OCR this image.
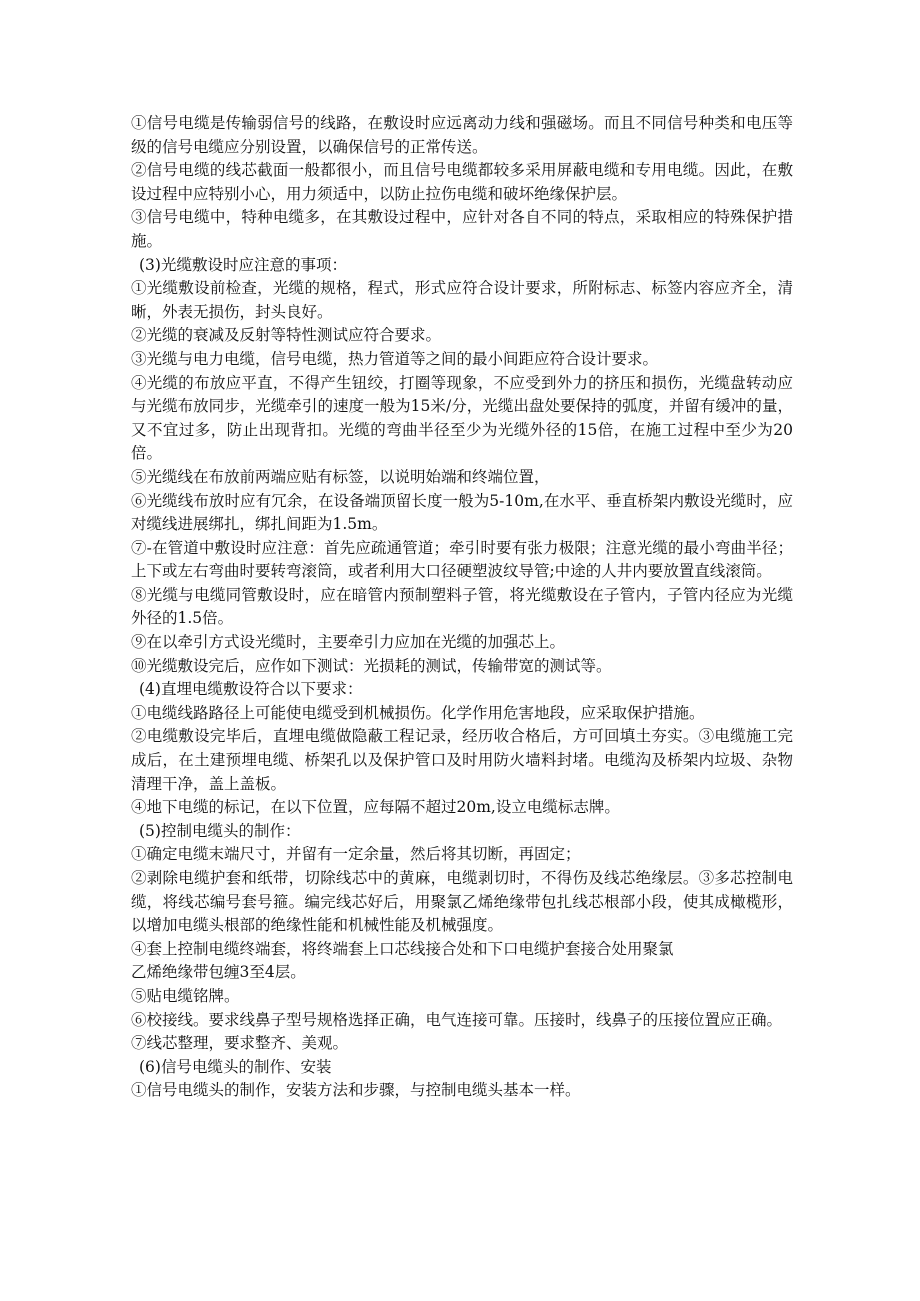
①信号电缆是传输弱信号的线路，在敷设时应远离动力线和强磁场。而且不同信号种类和电压等级的信号电缆应分别设置，以确保信号的正常传送。

②信号电缆的线芯截面一般都很小，而且信号电缆都较多采用屏蔽电缆和专用电缆。因此，在敷设过程中应特别小心，用力须适中，以防止拉伤电缆和破坏绝缘保护层。

③信号电缆中，特种电缆多，在其敷设过程中，应针对各自不同的特点，采取相应的特殊保护措施。

(3)光缆敷设时应注意的事项：

①光缆敷设前检查，光缆的规格，程式，形式应符合设计要求，所附标志、标签内容应齐全，清晰，外表无损伤，封头良好。

②光缆的衰减及反射等特性测试应符合要求。

③光缆与电力电缆，信号电缆，热力管道等之间的最小间距应符合设计要求。

④光缆的布放应平直，不得产生钮绞，打圈等现象，不应受到外力的挤压和损伤，光缆盘转动应与光缆布放同步，光缆牵引的速度一般为15米/分，光缆出盘处要保持的弧度，并留有缓冲的量，又不宜过多，防止出现背扣。光缆的弯曲半径至少为光缆外径的15倍，在施工过程中至少为20倍。

⑤光缆线在布放前两端应贴有标签，以说明始端和终端位置，

⑥光缆线布放时应有冗余，在设备端顶留长度一般为5-10m,在水平、垂直桥架内敷设光缆时，应对缆线进展绑扎，绑扎间距为1.5m。

⑦-在管道中敷设时应注意：首先应疏通管道；牵引时要有张力极限；注意光缆的最小弯曲半径；上下或左右弯曲时要转弯滚筒，或者利用大口径硬塑波纹导管;中途的人井内要放置直线滚筒。

⑧光缆与电缆同管敷设时，应在暗管内预制塑料子管，将光缆敷设在子管内，子管内径应为光缆外径的1.5倍。

⑨在以牵引方式设光缆时，主要牵引力应加在光缆的加强芯上。

⑩光缆敷设完后，应作如下测试：光损耗的测试，传输带宽的测试等。

(4)直埋电缆敷设符合以下要求：

①电缆线路路径上可能使电缆受到机械损伤。化学作用危害地段，应采取保护措施。

②电缆敷设完毕后，直埋电缆做隐蔽工程记录，经历收合格后，方可回填土夯实。③电缆施工完成后，在土建预埋电缆、桥架孔以及保护管口及时用防火墙料封堵。电缆沟及桥架内垃圾、杂物清理干净，盖上盖板。

④地下电缆的标记，在以下位置，应每隔不超过20m,设立电缆标志牌。

(5)控制电缆头的制作：

①确定电缆末端尺寸，并留有一定余量，然后将其切断，再固定；

②剥除电缆护套和纸带，切除线芯中的黄麻，电缆剥切时，不得伤及线芯绝缘层。③多芯控制电缆，将线芯编号套号箍。编完线芯好后，用聚氯乙烯绝缘带包扎线芯根部小段，使其成橄榄形，以增加电缆头根部的绝缘性能和机械性能及机械强度。

④套上控制电缆终端套，将终端套上口芯线接合处和下口电缆护套接合处用聚氯

乙烯绝缘带包缠3至4层。

⑤贴电缆铭牌。

⑥校接线。要求线鼻子型号规格选择正确，电气连接可靠。压接时，线鼻子的压接位置应正确。

⑦线芯整理，要求整齐、美观。

(6)信号电缆头的制作、安装

①信号电缆头的制作，安装方法和步骤，与控制电缆头基本一样。
